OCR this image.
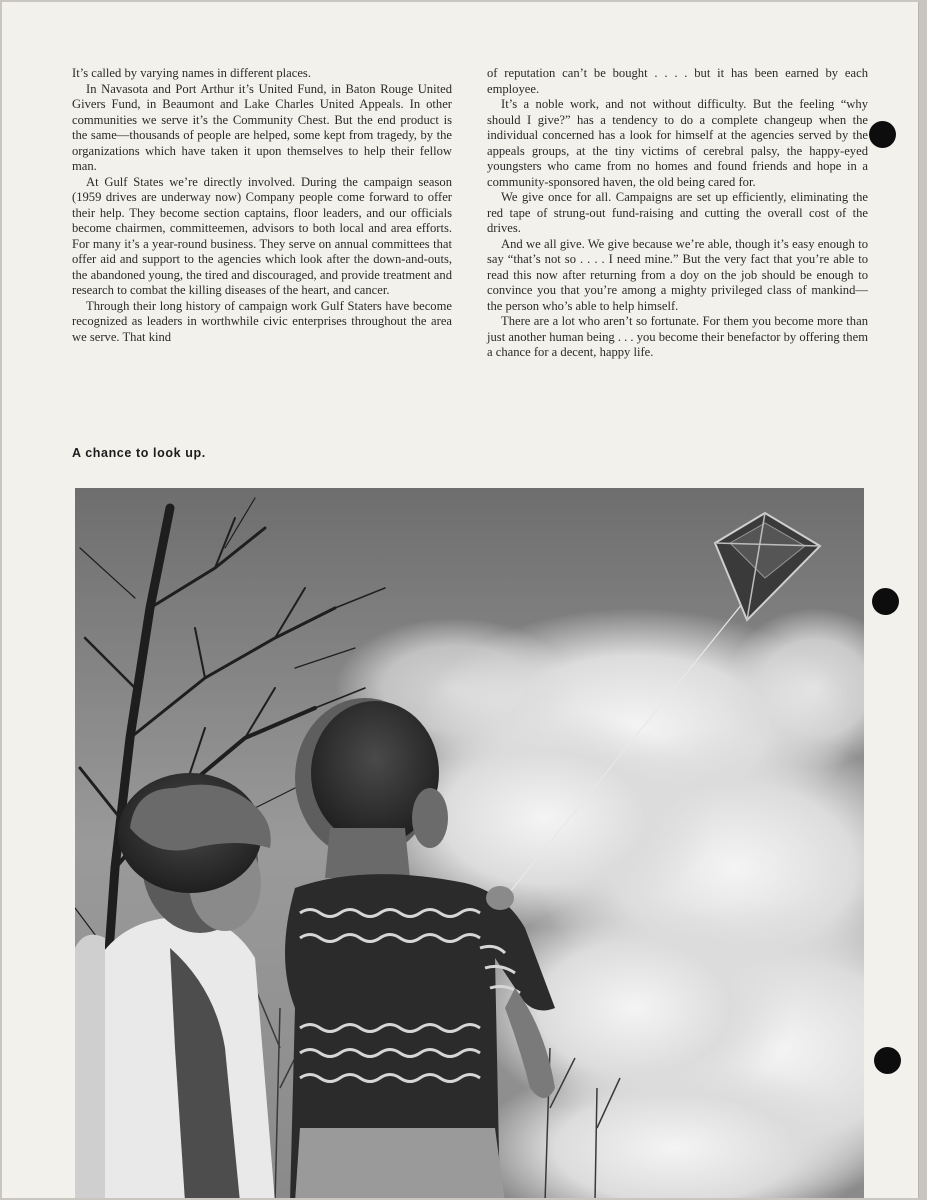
It’s called by varying names in different places.

In Navasota and Port Arthur it’s United Fund, in Baton Rouge United Givers Fund, in Beaumont and Lake Charles United Appeals. In other communities we serve it’s the Community Chest. But the end product is the same—thousands of people are helped, some kept from tragedy, by the organizations which have taken it upon themselves to help their fellow man.

At Gulf States we’re directly involved. During the campaign season (1959 drives are underway now) Company people come forward to offer their help. They become section captains, floor leaders, and our officials become chairmen, committeemen, advisors to both local and area efforts. For many it’s a year-round business. They serve on annual committees that offer aid and support to the agencies which look after the down-and-outs, the abandoned young, the tired and discouraged, and provide treatment and research to combat the killing diseases of the heart, and cancer.

Through their long history of campaign work Gulf Staters have become recognized as leaders in worthwhile civic enterprises throughout the area we serve. That kind

of reputation can’t be bought . . . . but it has been earned by each employee.

It’s a noble work, and not without difficulty. But the feeling “why should I give?” has a tendency to do a complete changeup when the individual concerned has a look for himself at the agencies served by the appeals groups, at the tiny victims of cerebral palsy, the happy-eyed youngsters who came from no homes and found friends and hope in a community-sponsored haven, the old being cared for.

We give once for all. Campaigns are set up efficiently, eliminating the red tape of strung-out fund-raising and cutting the overall cost of the drives.

And we all give. We give because we’re able, though it’s easy enough to say “that’s not so . . . . I need mine.” But the very fact that you’re able to read this now after returning from a doy on the job should be enough to convince you that you’re among a mighty privileged class of mankind—the person who’s able to help himself.

There are a lot who aren’t so fortunate. For them you become more than just another human being . . . you become their benefactor by offering them a chance for a decent, happy life.

A chance to look up.
